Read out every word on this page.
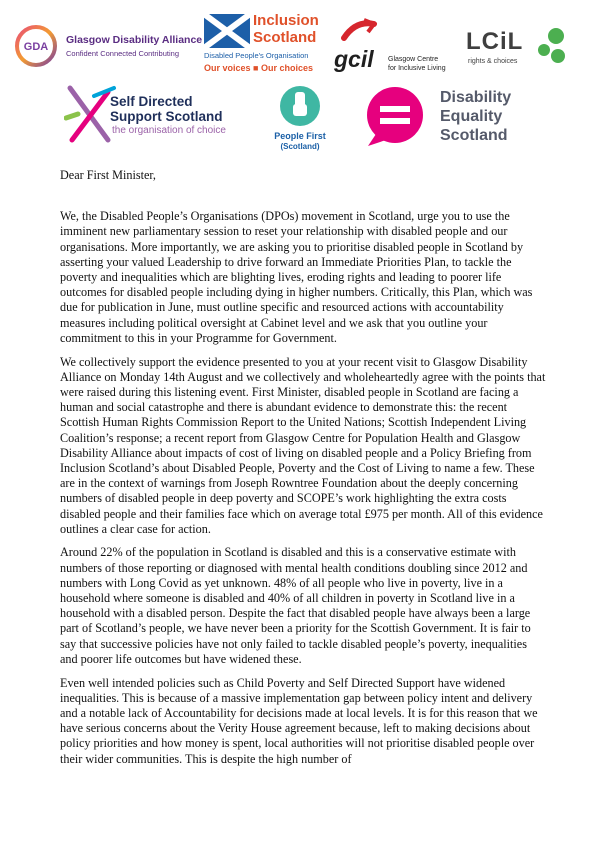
GDA
Glasgow Disability Alliance
Confident Connected Contributing
Inclusion
Scotland
Disabled People's Organisation
Our voices ■ Our choices gcil Glasgow Centre
for Inclusive Living
LCiL
rights & choices
Self Directed
Support Scotland
the organisation of choice	People First
(Scotland)
Disability
Equality
Scotland

Dear First Minister,

We, the Disabled People’s Organisations (DPOs) movement in Scotland, urge you to use the imminent new parliamentary session to reset your relationship with disabled people and our organisations. More importantly, we are asking you to prioritise disabled people in Scotland by asserting your valued Leadership to drive forward an Immediate Priorities Plan, to tackle the poverty and inequalities which are blighting lives, eroding rights and leading to poorer life outcomes for disabled people including dying in higher numbers. Critically, this Plan, which was due for publication in June, must outline specific and resourced actions with accountability measures including political oversight at Cabinet level and we ask that you outline your commitment to this in your Programme for Government.

We collectively support the evidence presented to you at your recent visit to Glasgow Disability Alliance on Monday 14th August and we collectively and wholeheartedly agree with the points that were raised during this listening event. First Minister, disabled people in Scotland are facing a human and social catastrophe and there is abundant evidence to demonstrate this: the recent Scottish Human Rights Commission Report to the United Nations; Scottish Independent Living Coalition’s response; a recent report from Glasgow Centre for Population Health and Glasgow Disability Alliance about impacts of cost of living on disabled people and a Policy Briefing from Inclusion Scotland’s about Disabled People, Poverty and the Cost of Living to name a few. These are in the context of warnings from Joseph Rowntree Foundation about the deeply concerning numbers of disabled people in deep poverty and SCOPE’s work highlighting the extra costs disabled people and their families face which on average total £975 per month. All of this evidence outlines a clear case for action.

Around 22% of the population in Scotland is disabled and this is a conservative estimate with numbers of those reporting or diagnosed with mental health conditions doubling since 2012 and numbers with Long Covid as yet unknown. 48% of all people who live in poverty, live in a household where someone is disabled and 40% of all children in poverty in Scotland live in a household with a disabled person. Despite the fact that disabled people have always been a large part of Scotland’s people, we have never been a priority for the Scottish Government. It is fair to say that successive policies have not only failed to tackle disabled people’s poverty, inequalities and poorer life outcomes but have widened these.

Even well intended policies such as Child Poverty and Self Directed Support have widened inequalities. This is because of a massive implementation gap between policy intent and delivery and a notable lack of Accountability for decisions made at local levels. It is for this reason that we have serious concerns about the Verity House agreement because, left to making decisions about policy priorities and how money is spent, local authorities will not prioritise disabled people over their wider communities. This is despite the high number of
